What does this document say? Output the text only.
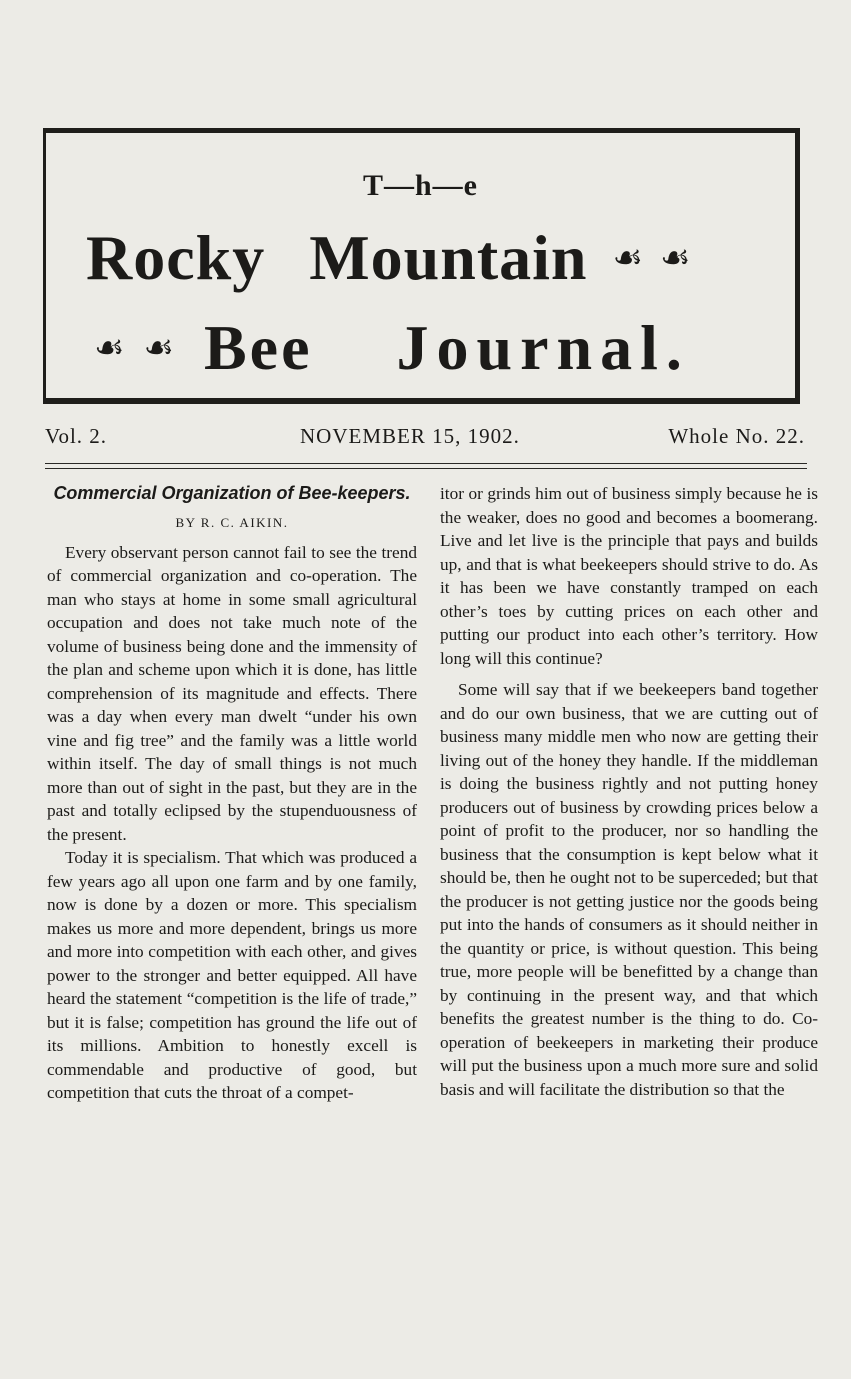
T—h—e
Rocky Mountain ☙ ☙
☙ ☙ Bee Journal.
Vol. 2.	NOVEMBER 15, 1902.	Whole No. 22.
Commercial Organization of Bee-keepers.
BY R. C. AIKIN.

Every observant person cannot fail to see the trend of commercial organization and co-operation. The man who stays at home in some small agricultural occupation and does not take much note of the volume of business being done and the immensity of the plan and scheme upon which it is done, has little comprehension of its magnitude and effects. There was a day when every man dwelt “under his own vine and fig tree” and the family was a little world within itself. The day of small things is not much more than out of sight in the past, but they are in the past and totally eclipsed by the stupenduousness of the present.

Today it is specialism. That which was produced a few years ago all upon one farm and by one family, now is done by a dozen or more. This specialism makes us more and more dependent, brings us more and more into competition with each other, and gives power to the stronger and better equipped. All have heard the statement “competition is the life of trade,” but it is false; competition has ground the life out of its millions. Ambition to honestly excell is commendable and productive of good, but competition that cuts the throat of a compet-

itor or grinds him out of business simply because he is the weaker, does no good and becomes a boomerang. Live and let live is the principle that pays and builds up, and that is what beekeepers should strive to do. As it has been we have constantly tramped on each other’s toes by cutting prices on each other and putting our product into each other’s territory. How long will this continue?

Some will say that if we beekeepers band together and do our own business, that we are cutting out of business many middle men who now are getting their living out of the honey they handle. If the middleman is doing the business rightly and not putting honey producers out of business by crowding prices below a point of profit to the producer, nor so handling the business that the consumption is kept below what it should be, then he ought not to be superceded; but that the producer is not getting justice nor the goods being put into the hands of consumers as it should neither in the quantity or price, is without question. This being true, more people will be benefitted by a change than by continuing in the present way, and that which benefits the greatest number is the thing to do. Co-operation of beekeepers in marketing their produce will put the business upon a much more sure and solid basis and will facilitate the distribution so that the
